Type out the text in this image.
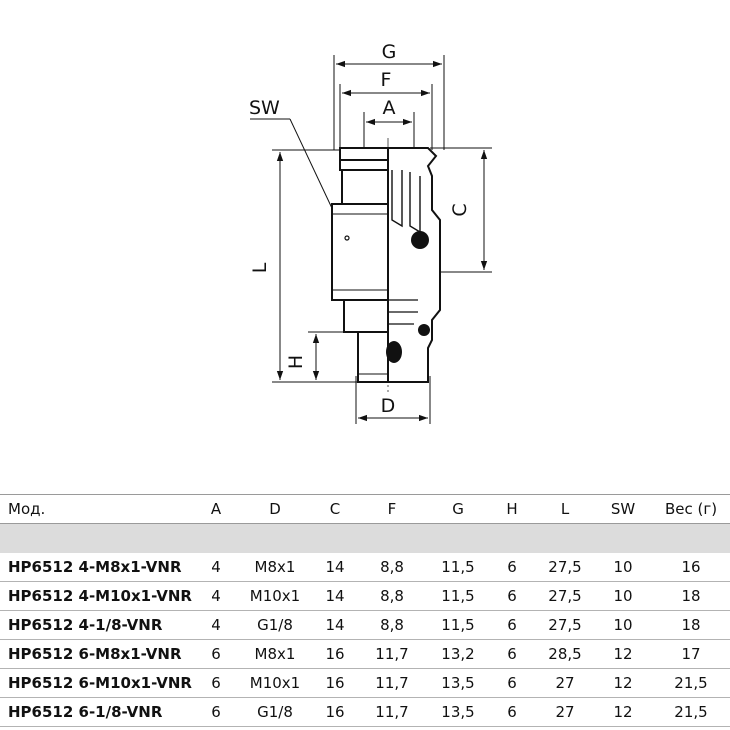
G
F
A
SW
C
L
H
D

Мод.	A	D	C	F	G	H	L	SW	Вес (г)
HP6512 4-M8x1-VNR	4	M8x1	14	8,8	11,5	6	27,5	10	16
HP6512 4-M10x1-VNR	4	M10x1	14	8,8	11,5	6	27,5	10	18
HP6512 4-1/8-VNR	4	G1/8	14	8,8	11,5	6	27,5	10	18
HP6512 6-M8x1-VNR	6	M8x1	16	11,7	13,2	6	28,5	12	17
HP6512 6-M10x1-VNR	6	M10x1	16	11,7	13,5	6	27	12	21,5
HP6512 6-1/8-VNR	6	G1/8	16	11,7	13,5	6	27	12	21,5
